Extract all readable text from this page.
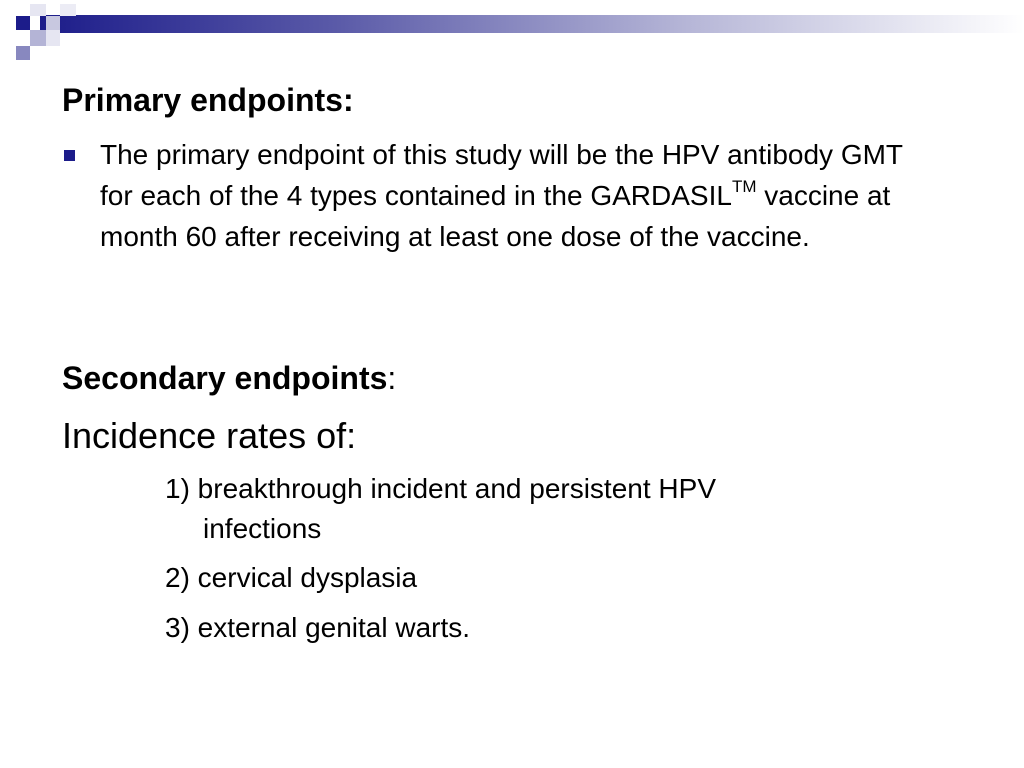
Primary endpoints:
The primary endpoint of this study will be the HPV antibody GMT for each of the 4 types contained in the GARDASIL™ vaccine at month 60 after receiving at least one dose of the vaccine.
Secondary endpoints:
Incidence rates of:
1) breakthrough incident and persistent HPV
infections
2) cervical dysplasia
3) external genital warts.
